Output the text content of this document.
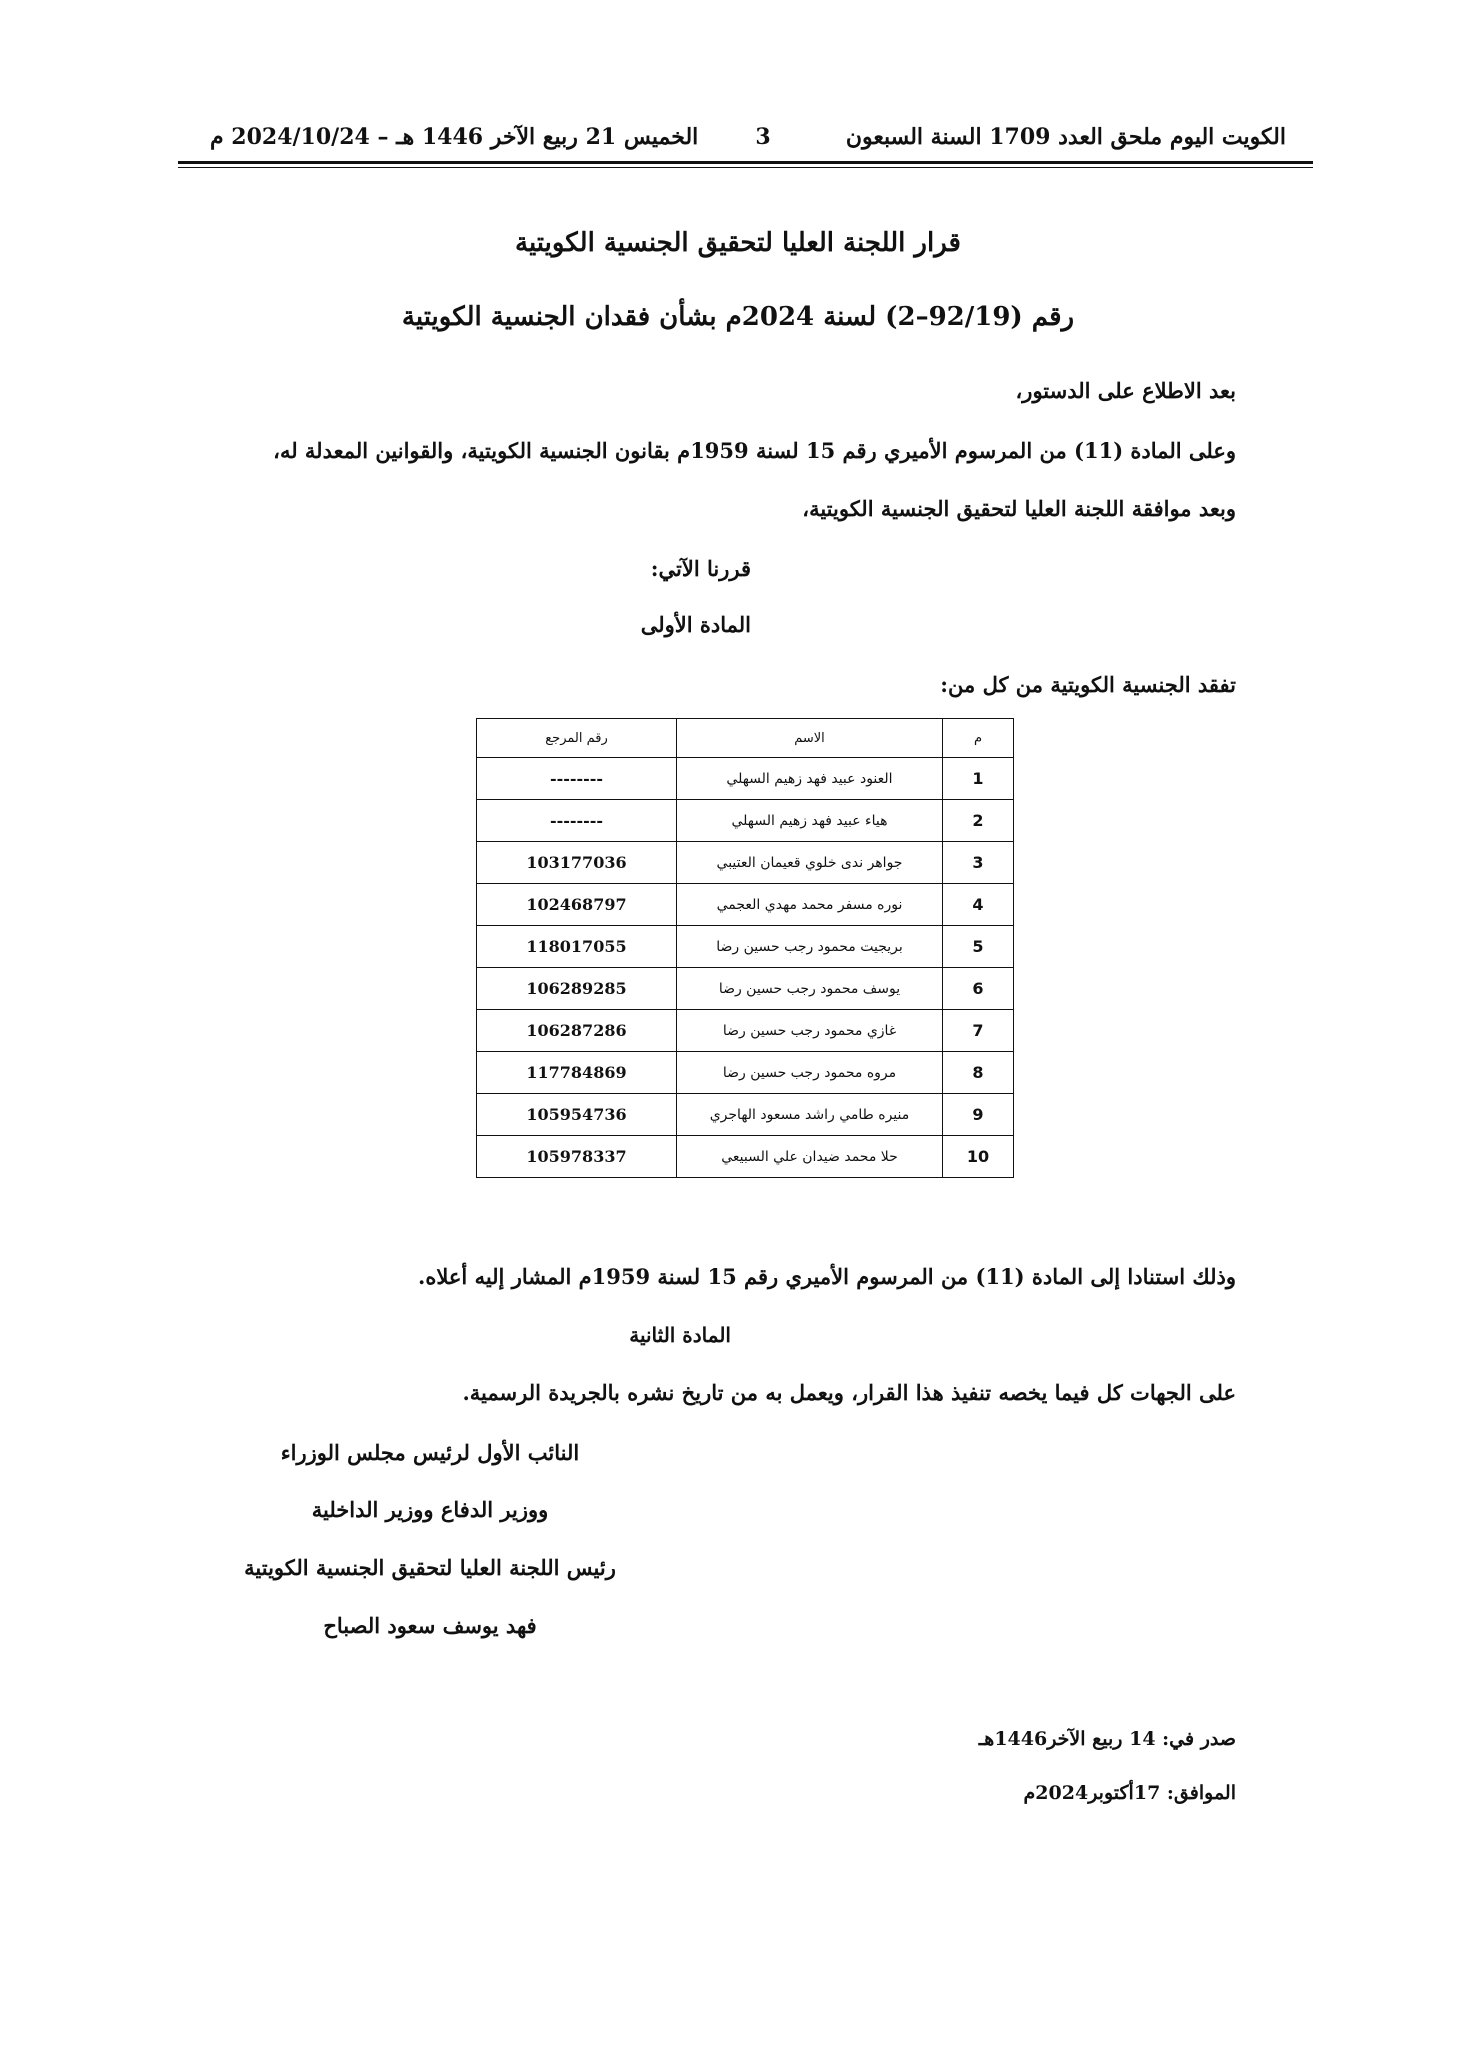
الكويت اليوم ملحق العدد 1709 السنة السبعون
3
الخميس 21 ربيع الآخر 1446 هـ – 2024/10/24 م
قرار اللجنة العليا لتحقيق الجنسية الكويتية
رقم (92/19–2) لسنة 2024م بشأن فقدان الجنسية الكويتية
بعد الاطلاع على الدستور،
وعلى المادة (11) من المرسوم الأميري رقم 15 لسنة 1959م بقانون الجنسية الكويتية، والقوانين المعدلة له،
وبعد موافقة اللجنة العليا لتحقيق الجنسية الكويتية،
قررنا الآتي:
المادة الأولى
تفقد الجنسية الكويتية من كل من:
م	الاسم	رقم المرجع
1	العنود عبيد فهد زهيم السهلي	--------
2	هياء عبيد فهد زهيم السهلي	--------
3	جواهر ندى خلوي قعيمان العتيبي	103177036
4	نوره مسفر محمد مهدي العجمي	102468797
5	بريجيت محمود رجب حسين رضا	118017055
6	يوسف محمود رجب حسين رضا	106289285
7	غازي محمود رجب حسين رضا	106287286
8	مروه محمود رجب حسين رضا	117784869
9	منيره طامي راشد مسعود الهاجري	105954736
10	حلا محمد ضيدان علي السبيعي	105978337
وذلك استنادا إلى المادة (11) من المرسوم الأميري رقم 15 لسنة 1959م المشار إليه أعلاه.
المادة الثانية
على الجهات كل فيما يخصه تنفيذ هذا القرار، ويعمل به من تاريخ نشره بالجريدة الرسمية.
النائب الأول لرئيس مجلس الوزراء
ووزير الدفاع ووزير الداخلية
رئيس اللجنة العليا لتحقيق الجنسية الكويتية
فهد يوسف سعود الصباح
صدر في: 14 ربيع الآخر1446هـ
الموافق: 17أكتوبر2024م
